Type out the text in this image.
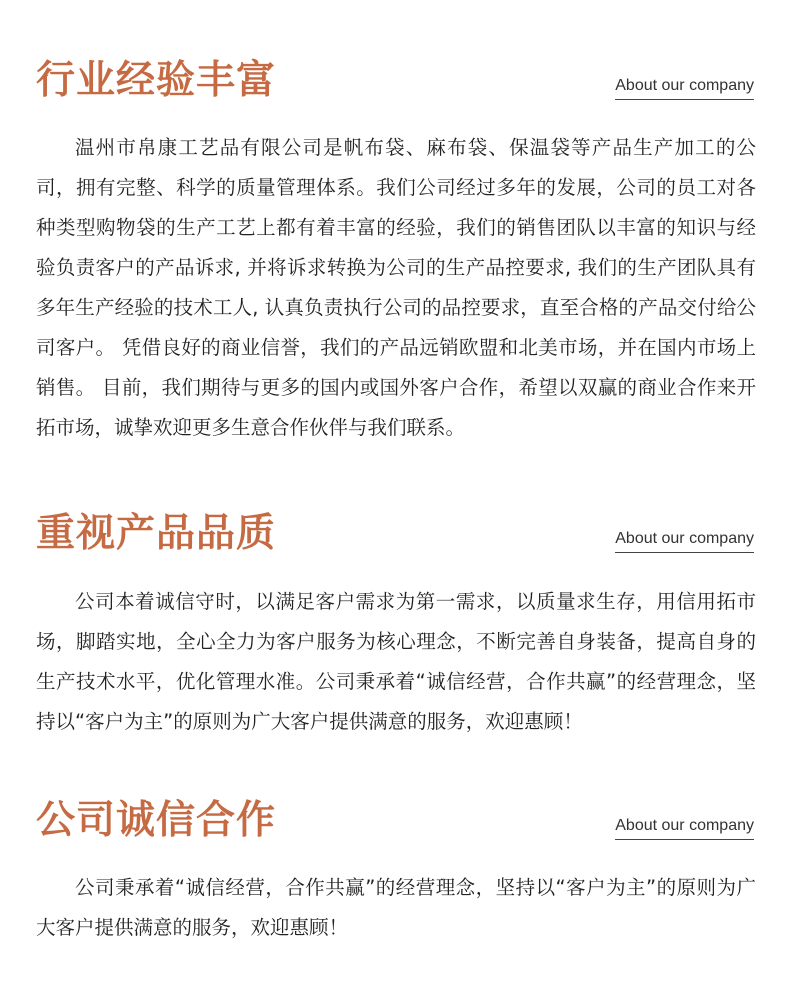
行业经验丰富	About our company

温州市帛康工艺品有限公司是帆布袋、麻布袋、保温袋等产品生产加工的公司，拥有完整、科学的质量管理体系。我们公司经过多年的发展，公司的员工对各种类型购物袋的生产工艺上都有着丰富的经验，我们的销售团队以丰富的知识与经验负责客户的产品诉求, 并将诉求转换为公司的生产品控要求, 我们的生产团队具有多年生产经验的技术工人, 认真负责执行公司的品控要求，直至合格的产品交付给公司客户。 凭借良好的商业信誉，我们的产品远销欧盟和北美市场，并在国内市场上销售。 目前，我们期待与更多的国内或国外客户合作，希望以双赢的商业合作来开拓市场，诚挚欢迎更多生意合作伙伴与我们联系。

重视产品品质	About our company

公司本着诚信守时，以满足客户需求为第一需求，以质量求生存，用信用拓市场，脚踏实地，全心全力为客户服务为核心理念，不断完善自身装备，提高自身的生产技术水平，优化管理水准。公司秉承着“诚信经营，合作共赢”的经营理念，坚持以“客户为主”的原则为广大客户提供满意的服务，欢迎惠顾！

公司诚信合作	About our company

公司秉承着“诚信经营，合作共赢”的经营理念，坚持以“客户为主”的原则为广大客户提供满意的服务，欢迎惠顾！
